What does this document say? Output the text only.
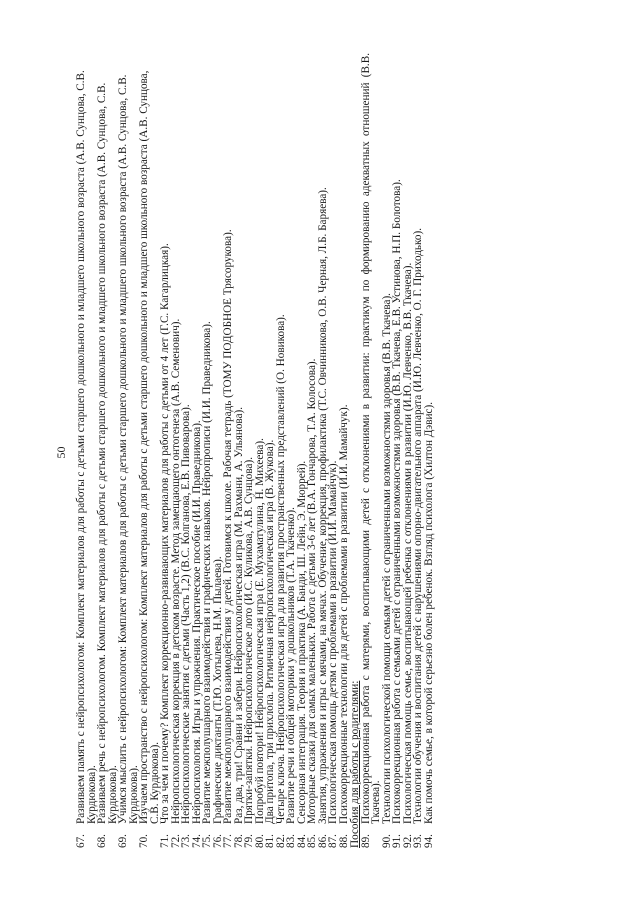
50
67.
Развиваем память с нейропсихологом: Комплект материалов для работы с детьми старшего дошкольного и младшего школьного возраста (А.В. Сунцова, С.В. Курдюкова).
68.
Развиваем речь с нейропсихологом. Комплект материалов для работы с детьми старшего дошкольного и младшего школьного возраста (А.В. Сунцова, С.В. Курдюкова).
69.
Учимся мыслить с нейропсихологом: Комплект материалов для работы с детьми старшего дошкольного и младшего школьного возраста (А.В. Сунцова, С.В. Курдюкова).
70.
Изучаем пространство с нейропсихологом: Комплект материалов для работы с детьми старшего дошкольного и младшего школьного возраста (А.В. Сунцова, С.В. Курдюкова).
71.
Что за чем и почему? Комплект коррекционно-развивающих материалов для работы с детьми от 4 лет (Г.С. Кагарлицкая).
72.
Нейропсихологическая коррекция в детском возрасте. Метод замещающего онтогенеза (А.В. Семенович).
73.
Нейропсихологические занятия с детьми (Часть 1,2) (В.С. Колганова, Е.В. Пивоварова).
74.
Нейропсихология. Игры и упражнения. Практическое пособие (И.И. Праведникова).
75.
Развитие межполушарного взаимодействия и графических навыков. Нейропрописи (И.И. Праведникова).
76.
Графические диктанты (Т.Ю. Хотылева, Н.М. Пылаева).
77.
Развитие межполушарного взаимодействия у детей. Готовимся к школе. Рабочая тетрадь (ТОМУ ПОДОБНОЕ Трясорукова).
78.
Раз, два, три! Сравни и забери. Нейропсихологическая игра (М. Рахмани, А. Ульянова).
79.
Прятки-запятки. Нейропсихологическое лото (И.С. Куликова, А.В. Сунцова).
80.
Попробуй повтори! Нейропсихологическая игра (Е. Мухаматулина, Н. Михеева).
81.
Два притопа, три прихлопа. Ритмичная нейропсихологическая игра (В. Жукова).
82.
Четыре ключа. Нейропсихологическая игра для развития пространственных представлений (О. Новикова).
83.
Развитие речи и общей моторики у дошкольников (Т.А. Ткаченко).
84.
Сенсорная интеграция. Теория и практика (А. Банди, Ш. Лейн, Э. Мюррей).
85.
Моторные сказки для самых маленьких. Работа с детьми 3-6 лет (В.А. Гончарова, Т.А. Колосова).
86.
Занятия, упражнения и игры с мячами, на мячах. Обучение, коррекция, профилактика (Т.С. Овчинникова, О.В. Черная, Л.Б. Баряева).
87.
Психологическая помощь детям с проблемами в развитии (И.И. Мамайчук).
88.
Психокоррекционные технологии для детей с проблемами в развитии (И.И. Мамайчук). Пособия для работы с родителями:
89.
Психокоррекционная работа с матерями, воспитывающими детей с отклонениями в развитии: практикум по формированию адекватных отношений (В.В. Ткачева).
90.
Технологии психологической помощи семьям детей с ограниченными возможностями здоровья (В.В. Ткачева).
91.
Психокоррекционная работа с семьями детей с ограниченными возможностями здоровья (В.В. Ткачева, Е.В. Устинова, Н.П. Болотова).
92.
Психологическая помощь семье, воспитывающей ребенка с отклонениями в развитии (И.Ю. Левченко, В.В. Ткачева).
93.
Технологии обучения и воспитания детей с нарушениями опорно-двигательного аппарата (И.Ю. Левченко, О. Г. Приходько).
94.
Как помочь семье, в которой серьезно болен ребенок. Взгляд психолога (Хилтон Дэвис).
